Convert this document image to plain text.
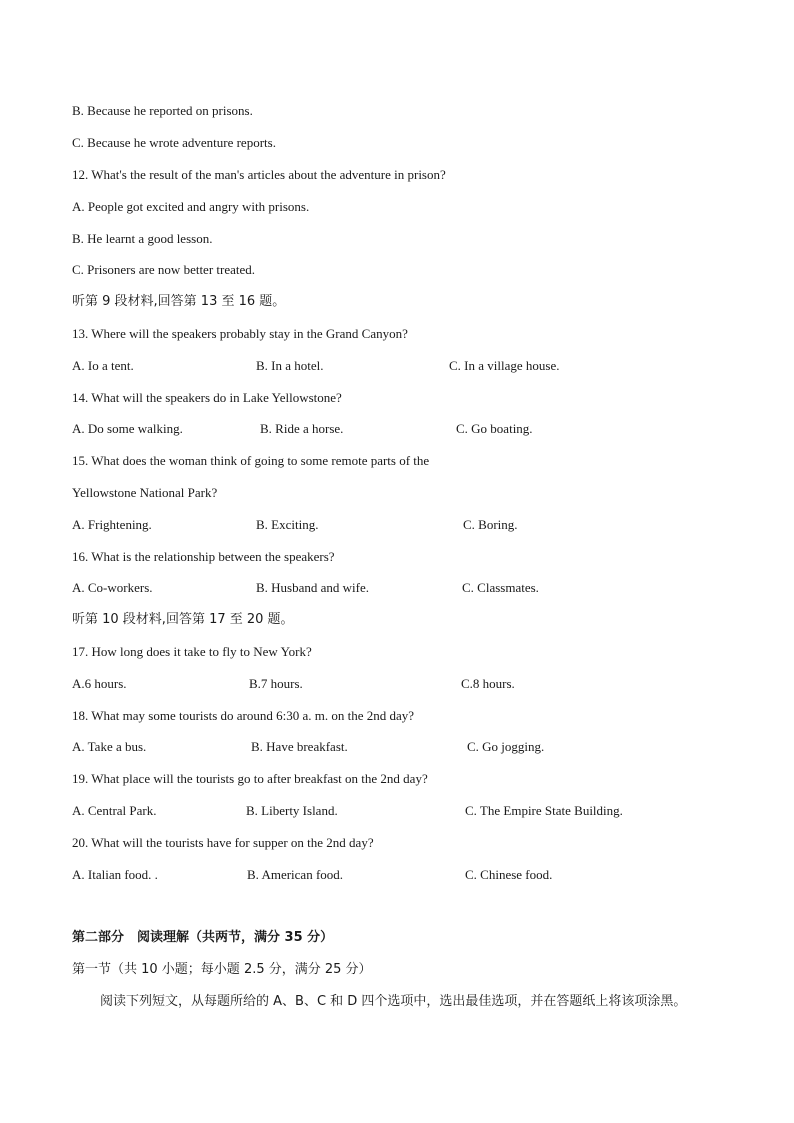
B. Because he reported on prisons.
C. Because he wrote adventure reports.
12. What's the result of the man's articles about the adventure in prison?
A. People got excited and angry with prisons.
B. He learnt a good lesson.
C. Prisoners are now better treated.
听第 9 段材料,回答第 13 至 16 题。
13. Where will the speakers probably stay in the Grand Canyon?
A. Io a tent.	B. In a hotel.	C. In a village house.
14. What will the speakers do in Lake Yellowstone?
A. Do some walking.	B. Ride a horse.	C. Go boating.
15. What does the woman think of going to some remote parts of the
Yellowstone National Park?
A. Frightening.	B. Exciting.	C. Boring.
16. What is the relationship between the speakers?
A. Co-workers.	B. Husband and wife.	C. Classmates.
听第 10 段材料,回答第 17 至 20 题。
17. How long does it take to fly to New York?
A.6 hours.	B.7 hours.	C.8 hours.
18. What may some tourists do around 6:30 a. m. on the 2nd day?
A. Take a bus.	B. Have breakfast.	C. Go jogging.
19. What place will the tourists go to after breakfast on the 2nd day?
A. Central Park.	B. Liberty Island.	C. The Empire State Building.
20. What will the tourists have for supper on the 2nd day?
A. Italian food. .	B. American food.	C. Chinese food.
第二部分　阅读理解（共两节，满分 35 分）
第一节（共 10 小题；每小题 2.5 分，满分 25 分）
阅读下列短文，从每题所给的 A、B、C 和 D 四个选项中，选出最佳选项，并在答题纸上将该项涂黑。
